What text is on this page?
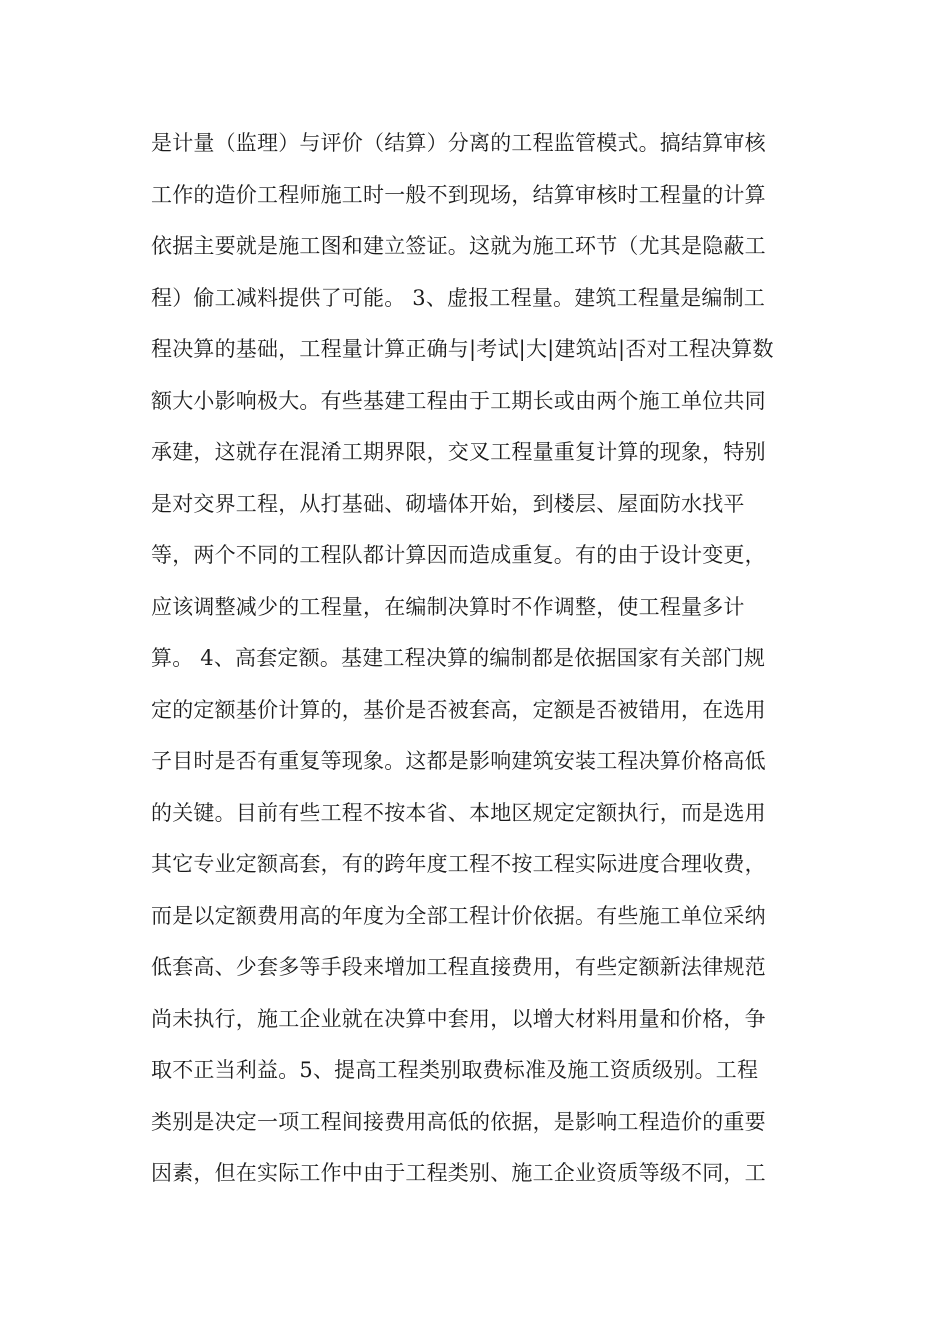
是计量（监理）与评价（结算）分离的工程监管模式。搞结算审核
工作的造价工程师施工时一般不到现场，结算审核时工程量的计算
依据主要就是施工图和建立签证。这就为施工环节（尤其是隐蔽工
程）偷工减料提供了可能。 3、虚报工程量。建筑工程量是编制工
程决算的基础，工程量计算正确与|考试|大|建筑站|否对工程决算数
额大小影响极大。有些基建工程由于工期长或由两个施工单位共同
承建，这就存在混淆工期界限，交叉工程量重复计算的现象，特别
是对交界工程，从打基础、砌墙体开始，到楼层、屋面防水找平
等，两个不同的工程队都计算因而造成重复。有的由于设计变更，
应该调整减少的工程量，在编制决算时不作调整，使工程量多计
算。 4、高套定额。基建工程决算的编制都是依据国家有关部门规
定的定额基价计算的，基价是否被套高，定额是否被错用，在选用
子目时是否有重复等现象。这都是影响建筑安装工程决算价格高低
的关键。目前有些工程不按本省、本地区规定定额执行，而是选用
其它专业定额高套，有的跨年度工程不按工程实际进度合理收费，
而是以定额费用高的年度为全部工程计价依据。有些施工单位采纳
低套高、少套多等手段来增加工程直接费用，有些定额新法律规范
尚未执行，施工企业就在决算中套用，以增大材料用量和价格，争
取不正当利益。5、提高工程类别取费标准及施工资质级别。工程
类别是决定一项工程间接费用高低的依据，是影响工程造价的重要
因素，但在实际工作中由于工程类别、施工企业资质等级不同，工
